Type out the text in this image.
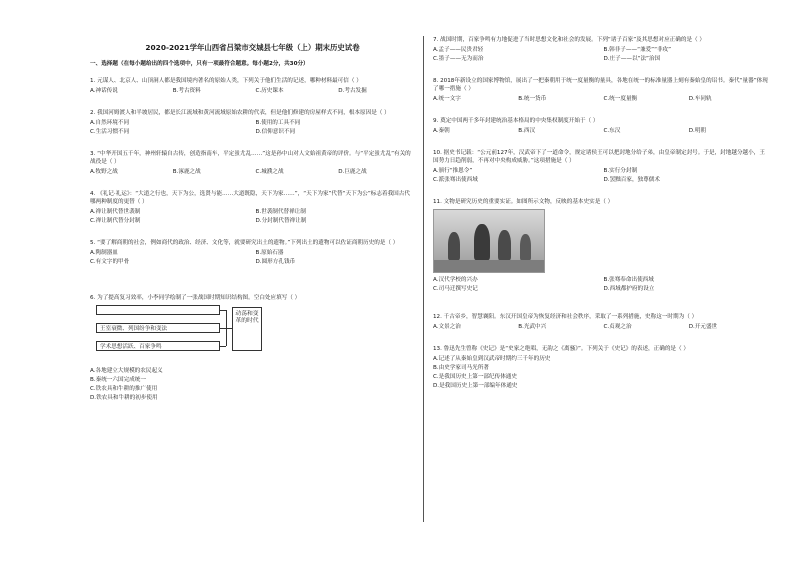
2020-2021学年山西省吕梁市交城县七年级（上）期末历史试卷
一、选择题（在每小题给出的四个选项中，只有一项最符合题意。每小题2分，共30分）
1. 元谋人、北京人、山顶洞人都是我国境内著名的原始人类，下列关于他们生活的记述，哪种材料最可信（ ）
A.神话传说	B.考古资料	C.历史课本	D.考古发掘
2. 我国河姆渡人和半坡居民，都是长江流域和黄河流域原始农耕的代表，但是他们修建的房屋样式不同，根本原因是（ ）
A.自然环境不同	B.使用的工具不同
C.生活习惯不同	D.信仰意识不同
3. “中华开国五千年，神州轩辕自古传，创造指南车，平定蚩尤乱……”这是孙中山对人文始祖黄帝的评价。与“平定蚩尤乱”有关的战役是（ ）
A.牧野之战	B.涿鹿之战	C.城濮之战	D.巨鹿之战
4. 《礼记·礼运》：“大道之行也，天下为公，选贤与能……大道既隐，天下为家……”，“天下为家”代替“天下为公”标志着我国古代哪两种制度的更替（ ）
A.禅让制代替世袭制	B.世袭制代替禅让制
C.禅让制代替分封制	D.分封制代替禅让制
5. “要了解商朝的社会，例如商代的政治、经济、文化等，就要研究出土的遗物。”下列出土的遗物可以佐证商朝历史的是（ ）
A.陶制器皿	B.原始石器
C.有文字的甲骨	D.圆形方孔钱币
6. 为了提高复习效率，小李同学绘制了一张战国时期知识结构图。空白处应填写（ ）
王室衰微、列国纷争和变法
学术思想活跃、百家争鸣
动荡和变革的时代
A.各地建立大规模的农民起义
B.秦统一六国完成统一
C.铁农具和牛耕的推广使用
D.铁农具和牛耕的初步使用
7. 战国时期，百家争鸣有力地促进了当时思想文化和社会的发展。下列“诸子百家”及其思想对应正确的是（ ）
A.孟子——民贵君轻	B.韩非子——“兼爱”“非攻”
C.墨子——无为而治	D.庄子——以“法”治国
8. 2018年新设立的国家博物馆，展出了一把秦朝用于统一度量衡的量具，各地在统一的标准量器上刻有秦始皇的诏书。秦代“量器”体现了哪一措施（ ）
A.统一文字	B.统一货币	C.统一度量衡	D.车同轨
9. 奠定中国两千多年封建统治基本格局的中央集权制度开始于（ ）
A.秦朝	B.西汉	C.东汉	D.明朝
10. 据史书记载：“公元前127年，汉武帝下了一道命令，规定诸侯王可以把封地分给子弟，由皇帝制定封号。于是，封地越分越小，王国势力日趋削弱，不再对中央构成威胁。”这项措施是（ ）
A.颁行“推恩令”	B.实行分封制
C.派张骞出使西域	D.罢黜百家，独尊儒术
11. 文物是研究历史的重要实证。如图所示文物，反映的基本史实是（ ）
A.汉代学校的兴办	B.张骞奉命出使西域
C.司马迁撰写史记	D.西域都护府的设立
12. 千古帝乡，智慧襄阳。东汉开国皇帝为恢复经济和社会秩序，采取了一系列措施，史称这一时期为（ ）
A.文景之治	B.光武中兴	C.贞观之治	D.开元盛世
13. 鲁迅先生曾称《史记》是“史家之绝唱，无韵之《离骚》”。下列关于《史记》的表述，正确的是（ ）
A.记述了从秦始皇到汉武帝时期约三千年的历史
B.由史学家司马光所著
C.是我国历史上第一部纪传体通史
D.是我国历史上第一部编年体通史
